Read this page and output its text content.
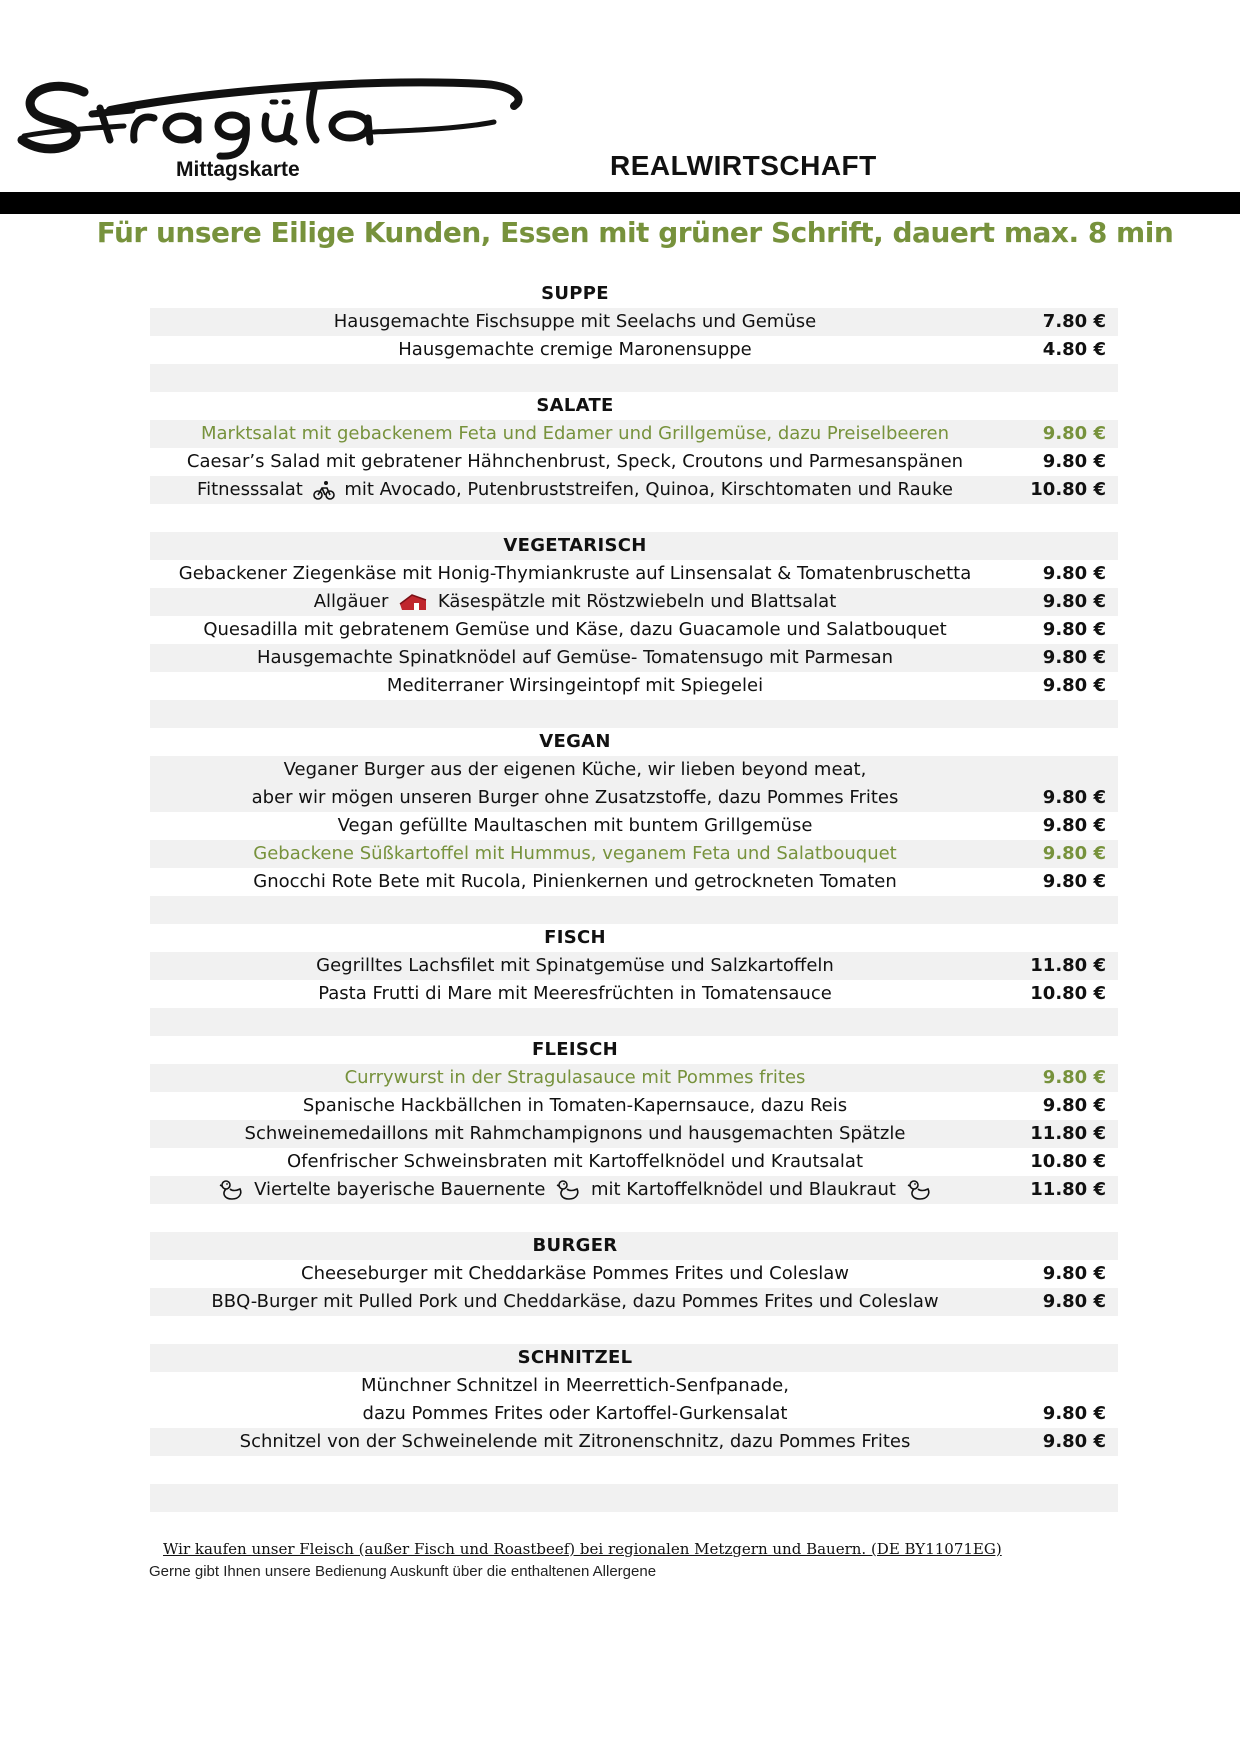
Mittagskarte	REALWIRTSCHAFT
Für unsere Eilige Kunden, Essen mit grüner Schrift, dauert max. 8 min
SUPPE
Hausgemachte Fischsuppe mit Seelachs und Gemüse	7.80 €
Hausgemachte cremige Maronensuppe	4.80 €
SALATE
Marktsalat mit gebackenem Feta und Edamer und Grillgemüse, dazu Preiselbeeren	9.80 €
Caesar’s Salad mit gebratener Hähnchenbrust, Speck, Croutons und Parmesanspänen	9.80 €
Fitnesssalat mit Avocado, Putenbruststreifen, Quinoa, Kirschtomaten und Rauke	10.80 €
VEGETARISCH
Gebackener Ziegenkäse mit Honig-Thymiankruste auf Linsensalat & Tomatenbruschetta	9.80 €
Allgäuer	Käsespätzle mit Röstzwiebeln und Blattsalat	9.80 €
Quesadilla mit gebratenem Gemüse und Käse, dazu Guacamole und Salatbouquet	9.80 €
Hausgemachte Spinatknödel auf Gemüse- Tomatensugo mit Parmesan	9.80 €
Mediterraner Wirsingeintopf mit Spiegelei	9.80 €
VEGAN
Veganer Burger aus der eigenen Küche, wir lieben beyond meat,
aber wir mögen unseren Burger ohne Zusatzstoffe, dazu Pommes Frites	9.80 €
Vegan gefüllte Maultaschen mit buntem Grillgemüse	9.80 €
Gebackene Süßkartoffel mit Hummus, veganem Feta und Salatbouquet	9.80 €
Gnocchi Rote Bete mit Rucola, Pinienkernen und getrockneten Tomaten	9.80 €
FISCH
Gegrilltes Lachsfilet mit Spinatgemüse und Salzkartoffeln	11.80 €
Pasta Frutti di Mare mit Meeresfrüchten in Tomatensauce	10.80 €
FLEISCH
Currywurst in der Stragulasauce mit Pommes frites	9.80 €
Spanische Hackbällchen in Tomaten-Kapernsauce, dazu Reis	9.80 €
Schweinemedaillons mit Rahmchampignons und hausgemachten Spätzle	11.80 €
Ofenfrischer Schweinsbraten mit Kartoffelknödel und Krautsalat	10.80 €
Viertelte bayerische Bauernente	mit Kartoffelknödel und Blaukraut	11.80 €
BURGER
Cheeseburger mit Cheddarkäse Pommes Frites und Coleslaw	9.80 €
BBQ-Burger mit Pulled Pork und Cheddarkäse, dazu Pommes Frites und Coleslaw	9.80 €
SCHNITZEL
Münchner Schnitzel in Meerrettich-Senfpanade,
dazu Pommes Frites oder Kartoffel-Gurkensalat	9.80 €
Schnitzel von der Schweinelende mit Zitronenschnitz, dazu Pommes Frites	9.80 €
Wir kaufen unser Fleisch (außer Fisch und Roastbeef) bei regionalen Metzgern und Bauern. (DE BY11071EG)
Gerne gibt Ihnen unsere Bedienung Auskunft über die enthaltenen Allergene
